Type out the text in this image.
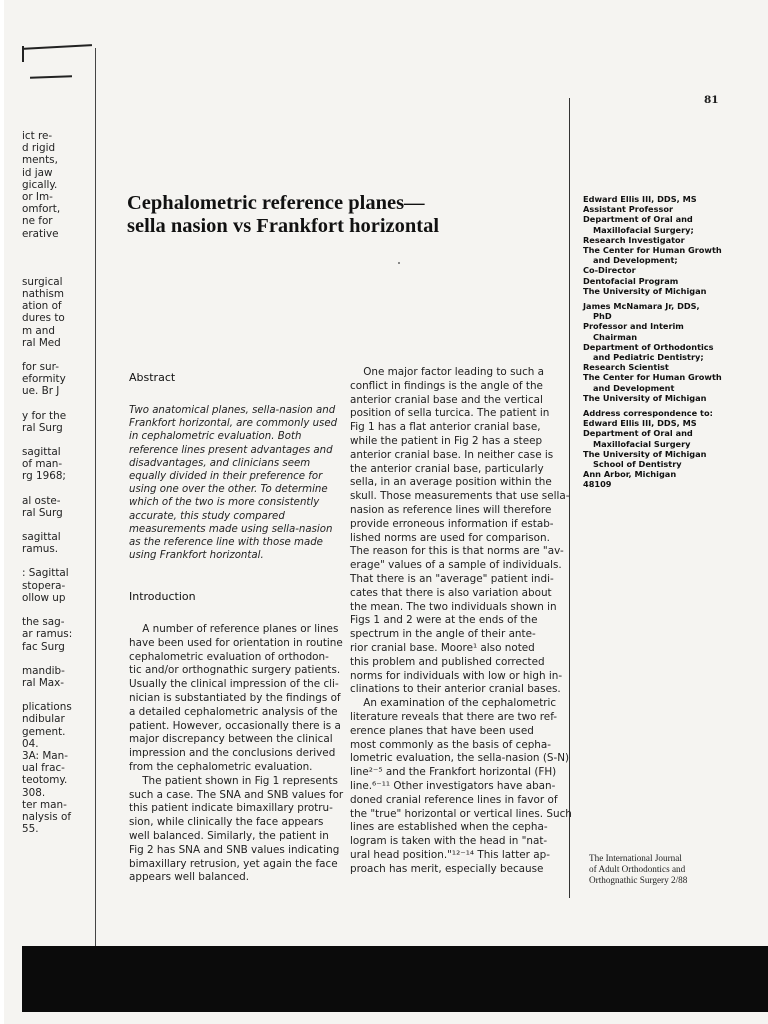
ict re-
d rigid
ments,
id jaw
gically.
or Im-
omfort,
ne for
erative
surgical
nathism
ation of
dures to
m and
ral Med
for sur-
eformity
ue. Br J
y for the
ral Surg
sagittal
of man-
rg 1968;
al oste-
ral Surg
sagittal
ramus.
: Sagittal
stopera-
ollow up
the sag-
ar ramus:
fac Surg
mandib-
ral Max-
plications
ndibular
gement.
04.
3A: Man-
ual frac-
teotomy.
308.
ter man-
nalysis of
55.
81
Cephalometric reference planes—
sella nasion vs Frankfort horizontal
Edward Ellis III, DDS, MS
Assistant Professor
Department of Oral and
Maxillofacial Surgery;
Research Investigator
The Center for Human Growth
and Development;
Co-Director
Dentofacial Program
The University of Michigan
James McNamara Jr, DDS,
PhD
Professor and Interim
Chairman
Department of Orthodontics
and Pediatric Dentistry;
Research Scientist
The Center for Human Growth
and Development
The University of Michigan
Address correspondence to:
Edward Ellis III, DDS, MS
Department of Oral and
Maxillofacial Surgery
The University of Michigan
School of Dentistry
Ann Arbor, Michigan
48109
Abstract
Two anatomical planes, sella-nasion and Frankfort horizontal, are commonly used in cephalometric evaluation. Both reference lines present advantages and disadvantages, and clinicians seem equally divided in their preference for using one over the other. To determine which of the two is more consistently accurate, this study compared measurements made using sella-nasion as the reference line with those made using Frankfort horizontal.
Introduction
A number of reference planes or lines
have been used for orientation in routine
cephalometric evaluation of orthodon-
tic and/or orthognathic surgery patients.
Usually the clinical impression of the cli-
nician is substantiated by the findings of
a detailed cephalometric analysis of the
patient. However, occasionally there is a
major discrepancy between the clinical
impression and the conclusions derived
from the cephalometric evaluation.
The patient shown in Fig 1 represents
such a case. The SNA and SNB values for
this patient indicate bimaxillary protru-
sion, while clinically the face appears
well balanced. Similarly, the patient in
Fig 2 has SNA and SNB values indicating
bimaxillary retrusion, yet again the face
appears well balanced.
One major factor leading to such a
conflict in findings is the angle of the
anterior cranial base and the vertical
position of sella turcica. The patient in
Fig 1 has a flat anterior cranial base,
while the patient in Fig 2 has a steep
anterior cranial base. In neither case is
the anterior cranial base, particularly
sella, in an average position within the
skull. Those measurements that use sella-
nasion as reference lines will therefore
provide erroneous information if estab-
lished norms are used for comparison.
The reason for this is that norms are "av-
erage" values of a sample of individuals.
That there is an "average" patient indi-
cates that there is also variation about
the mean. The two individuals shown in
Figs 1 and 2 were at the ends of the
spectrum in the angle of their ante-
rior cranial base. Moore¹ also noted
this problem and published corrected
norms for individuals with low or high in-
clinations to their anterior cranial bases.
An examination of the cephalometric
literature reveals that there are two ref-
erence planes that have been used
most commonly as the basis of cepha-
lometric evaluation, the sella-nasion (S-N)
line²⁻⁵ and the Frankfort horizontal (FH)
line.⁶⁻¹¹ Other investigators have aban-
doned cranial reference lines in favor of
the "true" horizontal or vertical lines. Such
lines are established when the cepha-
logram is taken with the head in "nat-
ural head position."¹²⁻¹⁴ This latter ap-
proach has merit, especially because
The International Journal
of Adult Orthodontics and
Orthognathic Surgery 2/88
